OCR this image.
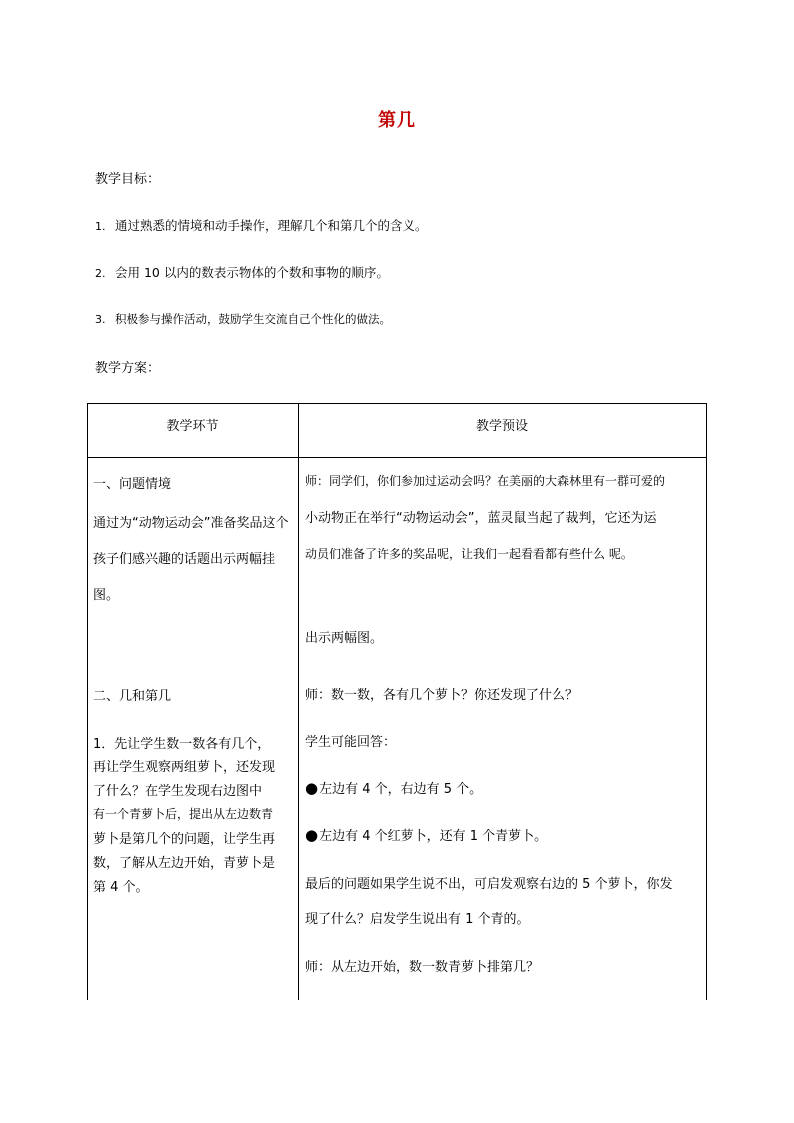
第几
教学目标：
1. 通过熟悉的情境和动手操作，理解几个和第几个的含义。
2. 会用 10 以内的数表示物体的个数和事物的顺序。
3. 积极参与操作活动，鼓励学生交流自己个性化的做法。
教学方案：
教学环节	教学预设
一、问题情境
通过为“动物运动会”准备奖品这个孩子们感兴趣的话题出示两幅挂图。
二、几和第几
1．先让学生数一数各有几个，
再让学生观察两组萝卜，还发现
了什么？在学生发现右边图中
有一个青萝卜后，提出从左边数青
萝卜是第几个的问题，让学生再
数，了解从左边开始，青萝卜是
第 4 个。
师：同学们，你们参加过运动会吗？在美丽的大森林里有一群可爱的
小动物正在举行“动物运动会”，蓝灵鼠当起了裁判，它还为运
动员们准备了许多的奖品呢，让我们一起看看都有些什么 呢。
出示两幅图。
师：数一数，各有几个萝卜？你还发现了什么？
学生可能回答：
●左边有 4 个，右边有 5 个。
●左边有 4 个红萝卜，还有 1 个青萝卜。
最后的问题如果学生说不出，可启发观察右边的 5 个萝卜，你发
现了什么？启发学生说出有 1 个青的。
师：从左边开始，数一数青萝卜排第几？
